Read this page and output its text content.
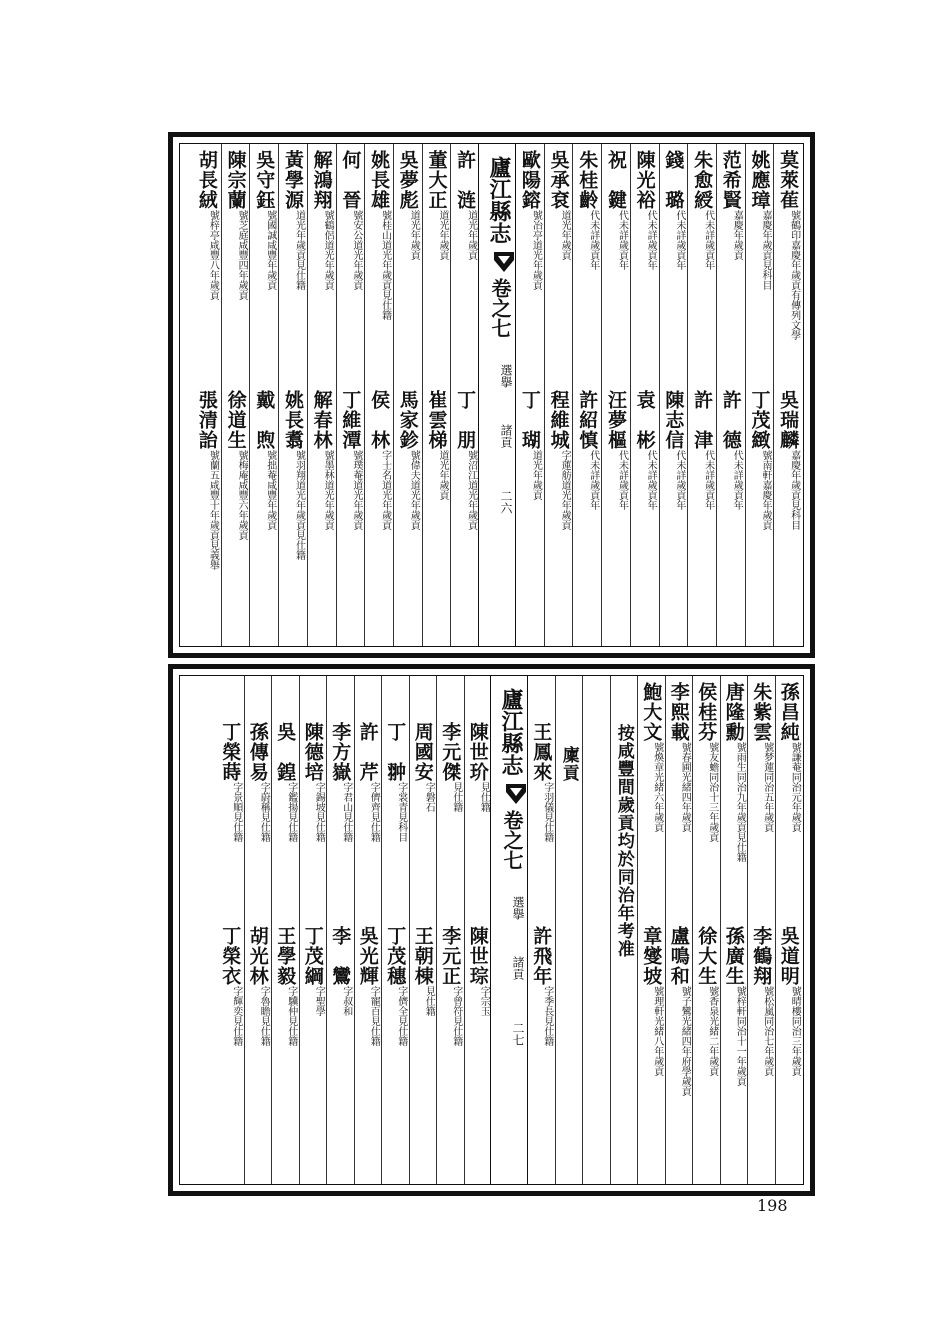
莫萊萑
號鶴印嘉慶年歲貢有傳列文學
吳瑞麟
嘉慶年歲貢見科目
姚應璋
嘉慶年歲貢見科目
丁茂緻
號南軒嘉慶年歲貢
范希賢
嘉慶年歲貢
許　德
代未詳歲貢年
朱愈綬
代未詳歲貢年
許　津
代未詳歲貢年
錢　璐
代未詳歲貢年
陳志信
代未詳歲貢年
陳光裕
代未詳歲貢年
袁　彬
代未詳歲貢年
祝　鍵
代未詳歲貢年
汪夢樞
代未詳歲貢年
朱桂齡
代未詳歲貢年
許紹慎
代未詳歲貢年
吳承袞
道光年歲貢
程維城
字蓮舫道光年歲貢
歐陽鎔
號冶亭道光年歲貢
丁　瑚
道光年歲貢
廬江縣志
卷之七
選擧
諸貢
二六
許　涟
道光年歲貢
丁　朋
號沼江道光年歲貢
董大正
道光年歲貢
崔雲梯
道光年歲貢
吳夢彪
道光年歲貢
馬家鉁
號偉夫道光年歲貢
姚長雄
號桂山道光年歲貢見仕籍
侯　林
字士名道光年歲貢
何　晉
號安公道光年歲貢
丁維潭
號璞菴道光年歲貢
解鴻翔
號鶴侶道光年歲貢
解春林
號墨林道光年歲貢
黃學源
道光年歲貢見仕籍
姚長翥
號羽翔道光年歲貢見仕籍
吳守鈺
號國誠咸豐年歲貢
戴　煦
號拙菴咸豐年歲貢
陳宗蘭
號芝庭咸豐四年歲貢
徐道生
號梅庵咸豐六年歲貢
胡長絨
號梓亭咸豐八年歲貢
張清詒
號蘭五咸豐十年歲貢見義舉
孫昌純
號謙菴同治元年歲貢
吳道明
號晴樓同治三年歲貢
朱紫雲
號梦蓮同治五年歲貢
李鶴翔
號松嵐同治七年歲貢
唐隆勳
號雨生同治九年歲貢見仕籍
孫廣生
號梓軒同治十一年歲貢
侯桂芬
號友蟾同治十三年歲貢
徐大生
號香泉光緒二年歲貢
李熙載
號春圃光緒四年歲貢
盧鳴和
號子鸞光緒四年府學歲貢
鮑大文
號煥章光緒六年歲貢
章燮坡
號理軒光緒八年歲貢
按咸豐間歲貢均於同治年考准
廩貢
王鳳來
字羽儀見仕籍
許飛年
字季長見仕籍
廬江縣志
卷之七
選擧
諸貢
二七
陳世玠
見仕籍
陳世琮
字宗玉
李元傑
見仕籍
李元正
字曾符見仕籍
周國安
字磐石
王朝棟
見仕籍
丁　翀
字裳青見科目
丁茂穗
字儕全見仕籍
許　芹
字儕齊見仕籍
吳光輝
字寵百見仕籍
李方嶽
字君山見仕籍
李　鸞
字叔和
陳德培
字錫坡見仕籍
丁茂綱
字聖學
吳　鍠
字鑑揚見仕籍
王學毅
字驥仲見仕籍
孫傳易
字蔚稱見仕籍
胡光林
字魯瞻見仕籍
丁榮蒔
字景順見仕籍
丁榮衣
字輝奕見仕籍
198
